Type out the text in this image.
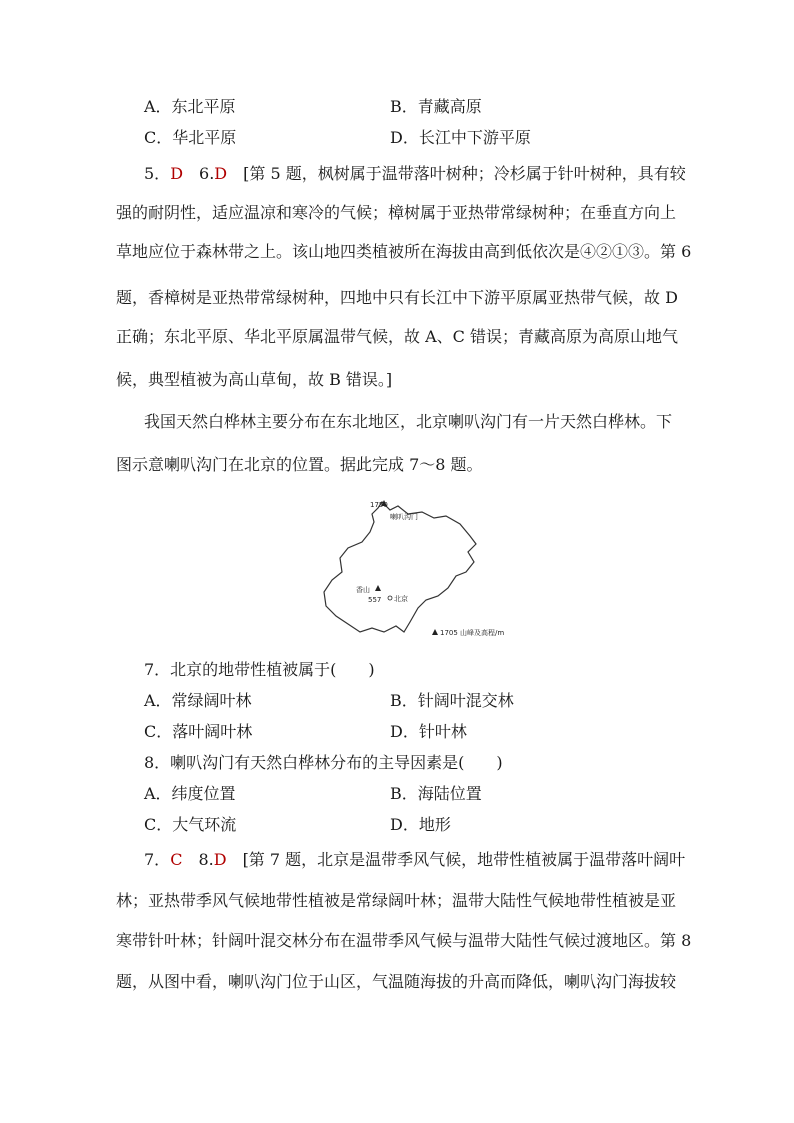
A．东北平原	B．青藏高原
C．华北平原	D．长江中下游平原
5．D　 6.D　 [第 5 题，枫树属于温带落叶树种；冷杉属于针叶树种，具有较
强的耐阴性，适应温凉和寒冷的气候；樟树属于亚热带常绿树种；在垂直方向上
草地应位于森林带之上。该山地四类植被所在海拔由高到低依次是④②①③。第 6
题，香樟树是亚热带常绿树种，四地中只有长江中下游平原属亚热带气候，故 D
正确；东北平原、华北平原属温带气候，故 A、C 错误；青藏高原为高原山地气
候，典型植被为高山草甸，故 B 错误。]
我国天然白桦林主要分布在东北地区，北京喇叭沟门有一片天然白桦林。下
图示意喇叭沟门在北京的位置。据此完成 7～8 题。
1750
喇叭沟门
香山
557 北京
1705 山峰及高程/m
7．北京的地带性植被属于(　　)
A．常绿阔叶林	B．针阔叶混交林
C．落叶阔叶林	D．针叶林
8．喇叭沟门有天然白桦林分布的主导因素是(　　)
A．纬度位置	B．海陆位置
C．大气环流	D．地形
7．C　 8.D　 [第 7 题，北京是温带季风气候，地带性植被属于温带落叶阔叶
林；亚热带季风气候地带性植被是常绿阔叶林；温带大陆性气候地带性植被是亚
寒带针叶林；针阔叶混交林分布在温带季风气候与温带大陆性气候过渡地区。第 8
题，从图中看，喇叭沟门位于山区，气温随海拔的升高而降低，喇叭沟门海拔较
